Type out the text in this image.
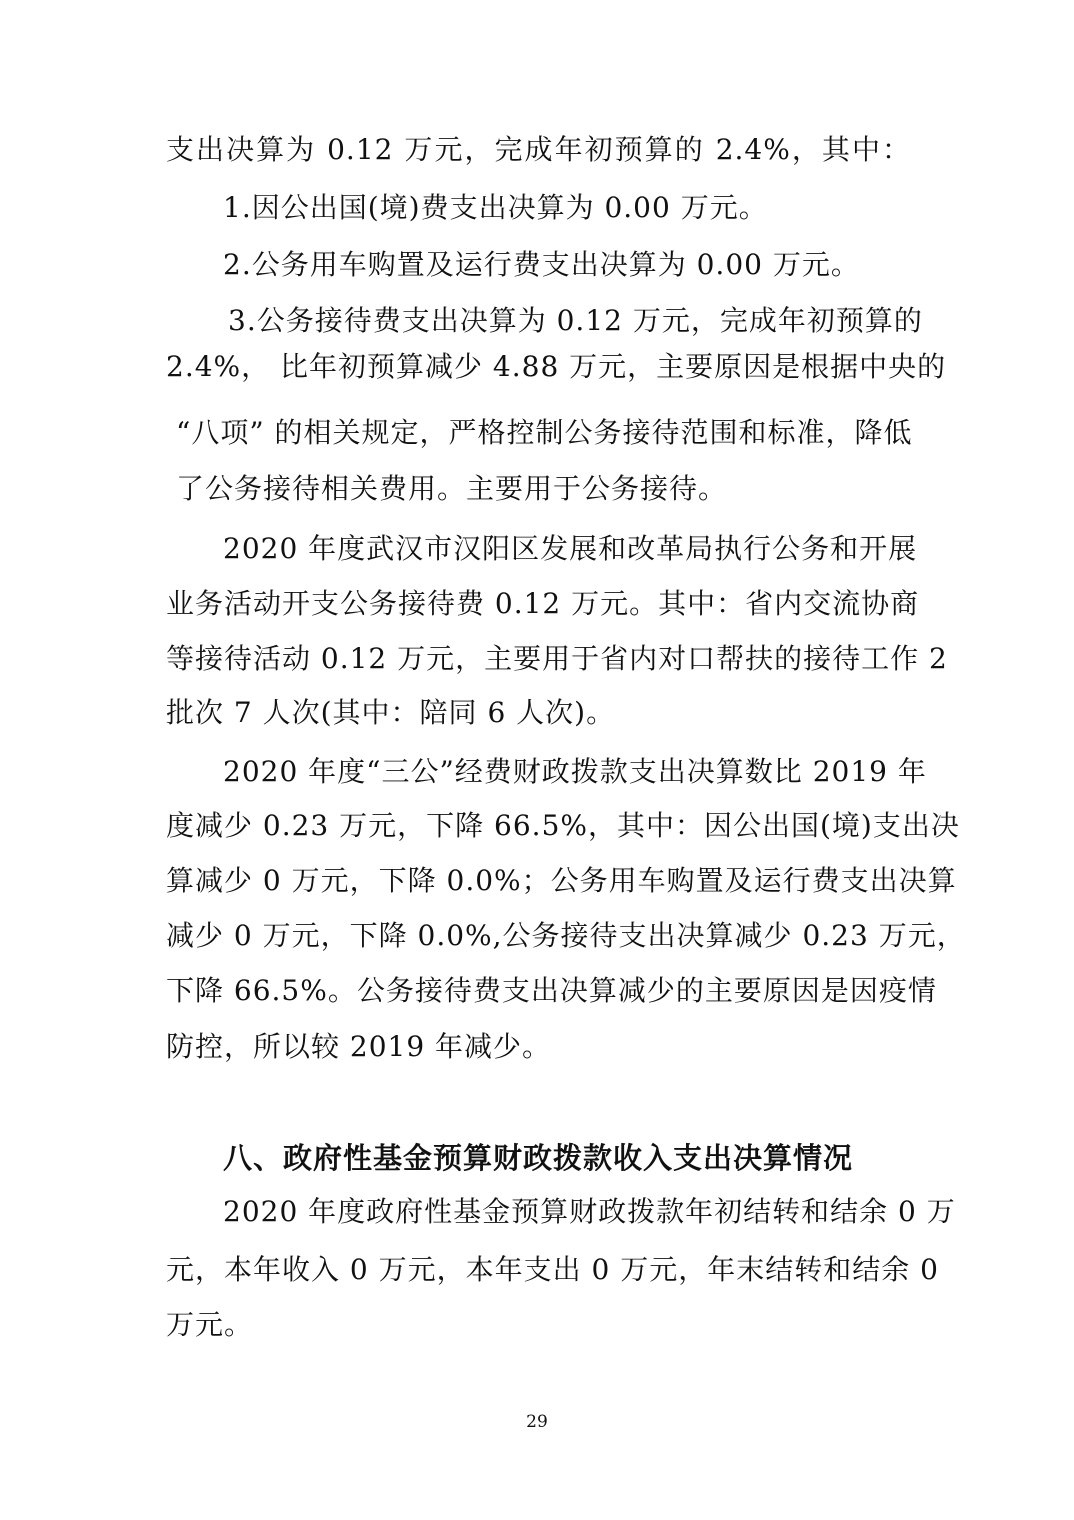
支出决算为 0.12 万元，完成年初预算的 2.4%，其中：
1.因公出国(境)费支出决算为 0.00 万元。
2.公务用车购置及运行费支出决算为 0.00 万元。
3.公务接待费支出决算为 0.12 万元，完成年初预算的
2.4%， 比年初预算减少 4.88 万元，主要原因是根据中央的
“八项” 的相关规定，严格控制公务接待范围和标准，降低
了公务接待相关费用。主要用于公务接待。
2020 年度武汉市汉阳区发展和改革局执行公务和开展
业务活动开支公务接待费 0.12 万元。其中：省内交流协商
等接待活动 0.12 万元，主要用于省内对口帮扶的接待工作 2
批次 7 人次(其中：陪同 6 人次)。
2020 年度“三公”经费财政拨款支出决算数比 2019 年
度减少 0.23 万元，下降 66.5%，其中：因公出国(境)支出决
算减少 0 万元，下降 0.0%；公务用车购置及运行费支出决算
减少 0 万元，下降 0.0%,公务接待支出决算减少 0.23 万元，
下降 66.5%。公务接待费支出决算减少的主要原因是因疫情
防控，所以较 2019 年减少。
八、政府性基金预算财政拨款收入支出决算情况
2020 年度政府性基金预算财政拨款年初结转和结余 0 万
元，本年收入 0 万元，本年支出 0 万元，年末结转和结余 0
万元。
29
